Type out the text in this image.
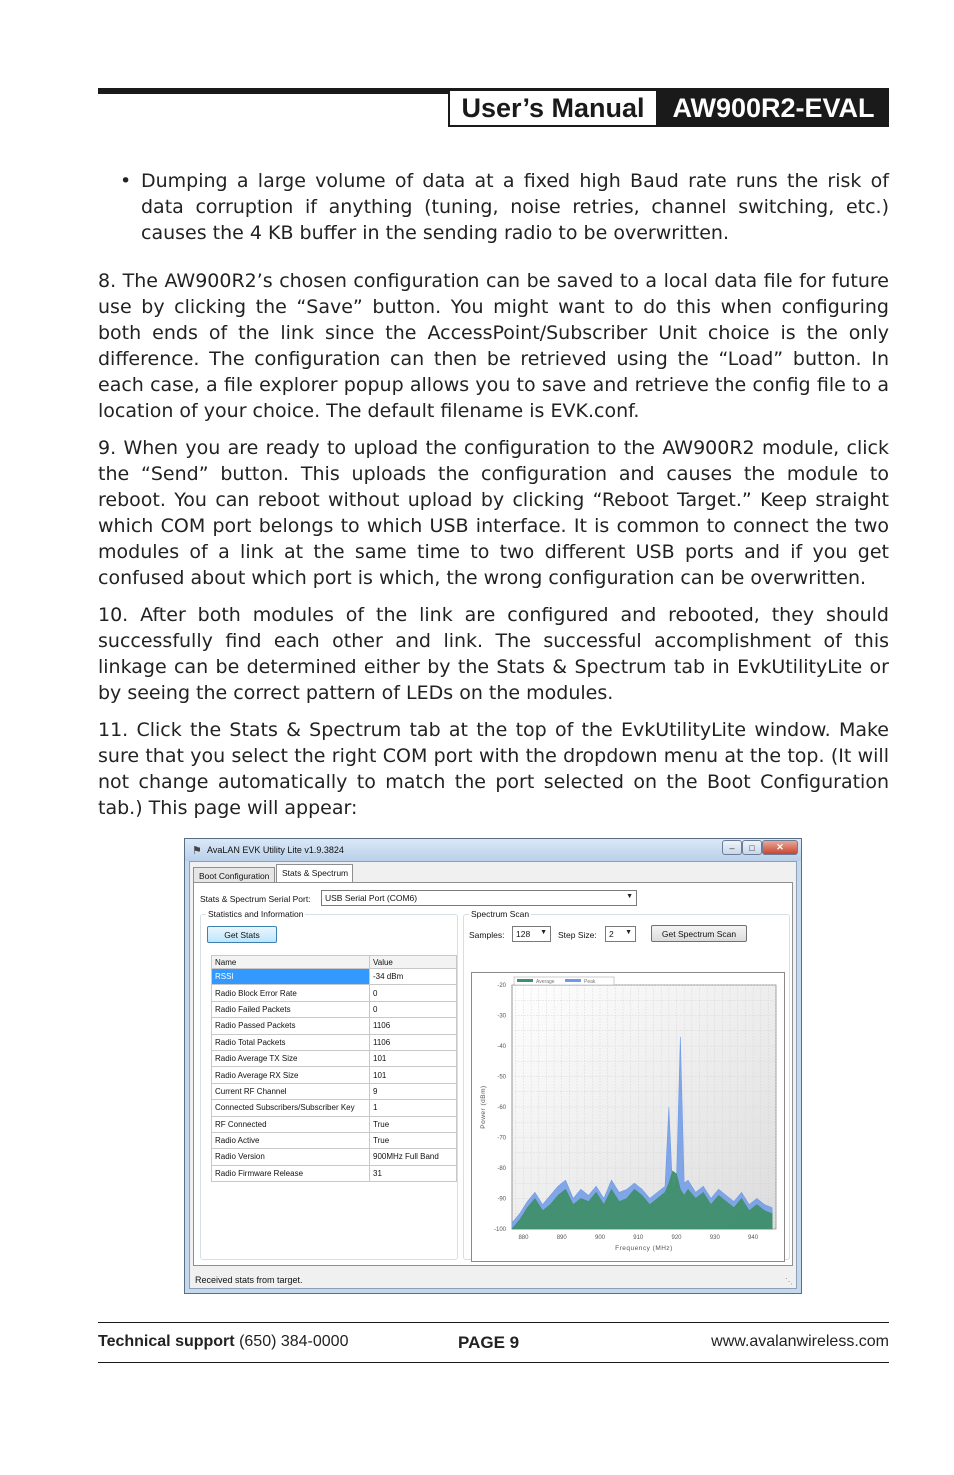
User’s Manual	AW900R2-EVAL
• Dumping a large volume of data at a fixed high Baud rate runs the risk of data corruption if anything (tuning, noise retries, channel switching, etc.) causes the 4 KB buffer in the sending radio to be overwritten.
8. The AW900R2’s chosen configuration can be saved to a local data file for future use by clicking the “Save” button. You might want to do this when configuring both ends of the link since the AccessPoint/Subscriber Unit choice is the only difference. The configuration can then be retrieved using the “Load” button. In each case, a file explorer popup allows you to save and retrieve the config file to a location of your choice. The default filename is EVK.conf.
9. When you are ready to upload the configuration to the AW900R2 module, click the “Send” button. This uploads the configuration and causes the module to reboot. You can reboot without upload by clicking “Reboot Target.” Keep straight which COM port belongs to which USB interface. It is common to connect the two modules of a link at the same time to two different USB ports and if you get confused about which port is which, the wrong configuration can be overwritten.
10. After both modules of the link are configured and rebooted, they should successfully find each other and link. The successful accomplishment of this linkage can be determined either by the Stats & Spectrum tab in EvkUtilityLite or by seeing the correct pattern of LEDs on the modules.
11. Click the Stats & Spectrum tab at the top of the EvkUtilityLite window. Make sure that you select the right COM port with the dropdown menu at the top. (It will not change automatically to match the port selected on the Boot Configuration tab.) This page will appear:
⚑ AvaLAN EVK Utility Lite v1.9.3824	– □ ✕
Boot Configuration	Stats & Spectrum
Stats & Spectrum Serial Port:	USB Serial Port (COM6)	▼
Statistics and Information
Get Stats
Name	Value
RSSI	-34 dBm
Radio Block Error Rate	0
Radio Failed Packets	0
Radio Passed Packets	1106
Radio Total Packets	1106
Radio Average TX Size	101
Radio Average RX Size	101
Current RF Channel	9
Connected Subscribers/Subscriber Key	1
RF Connected	True
Radio Active	True
Radio Version	900MHz Full Band
Radio Firmware Release	31
Spectrum Scan
Samples:	128 ▼ Step Size:	2 ▼	Get Spectrum Scan
-20
-30
-40
-50
-60
-70
-80
-90
-100
880	890	900	910	920	930	940
Average	Peak
Frequency (MHz)
Power (dBm)
Received stats from target.	⋱
Technical support (650) 384-0000	PAGE 9	www.avalanwireless.com
